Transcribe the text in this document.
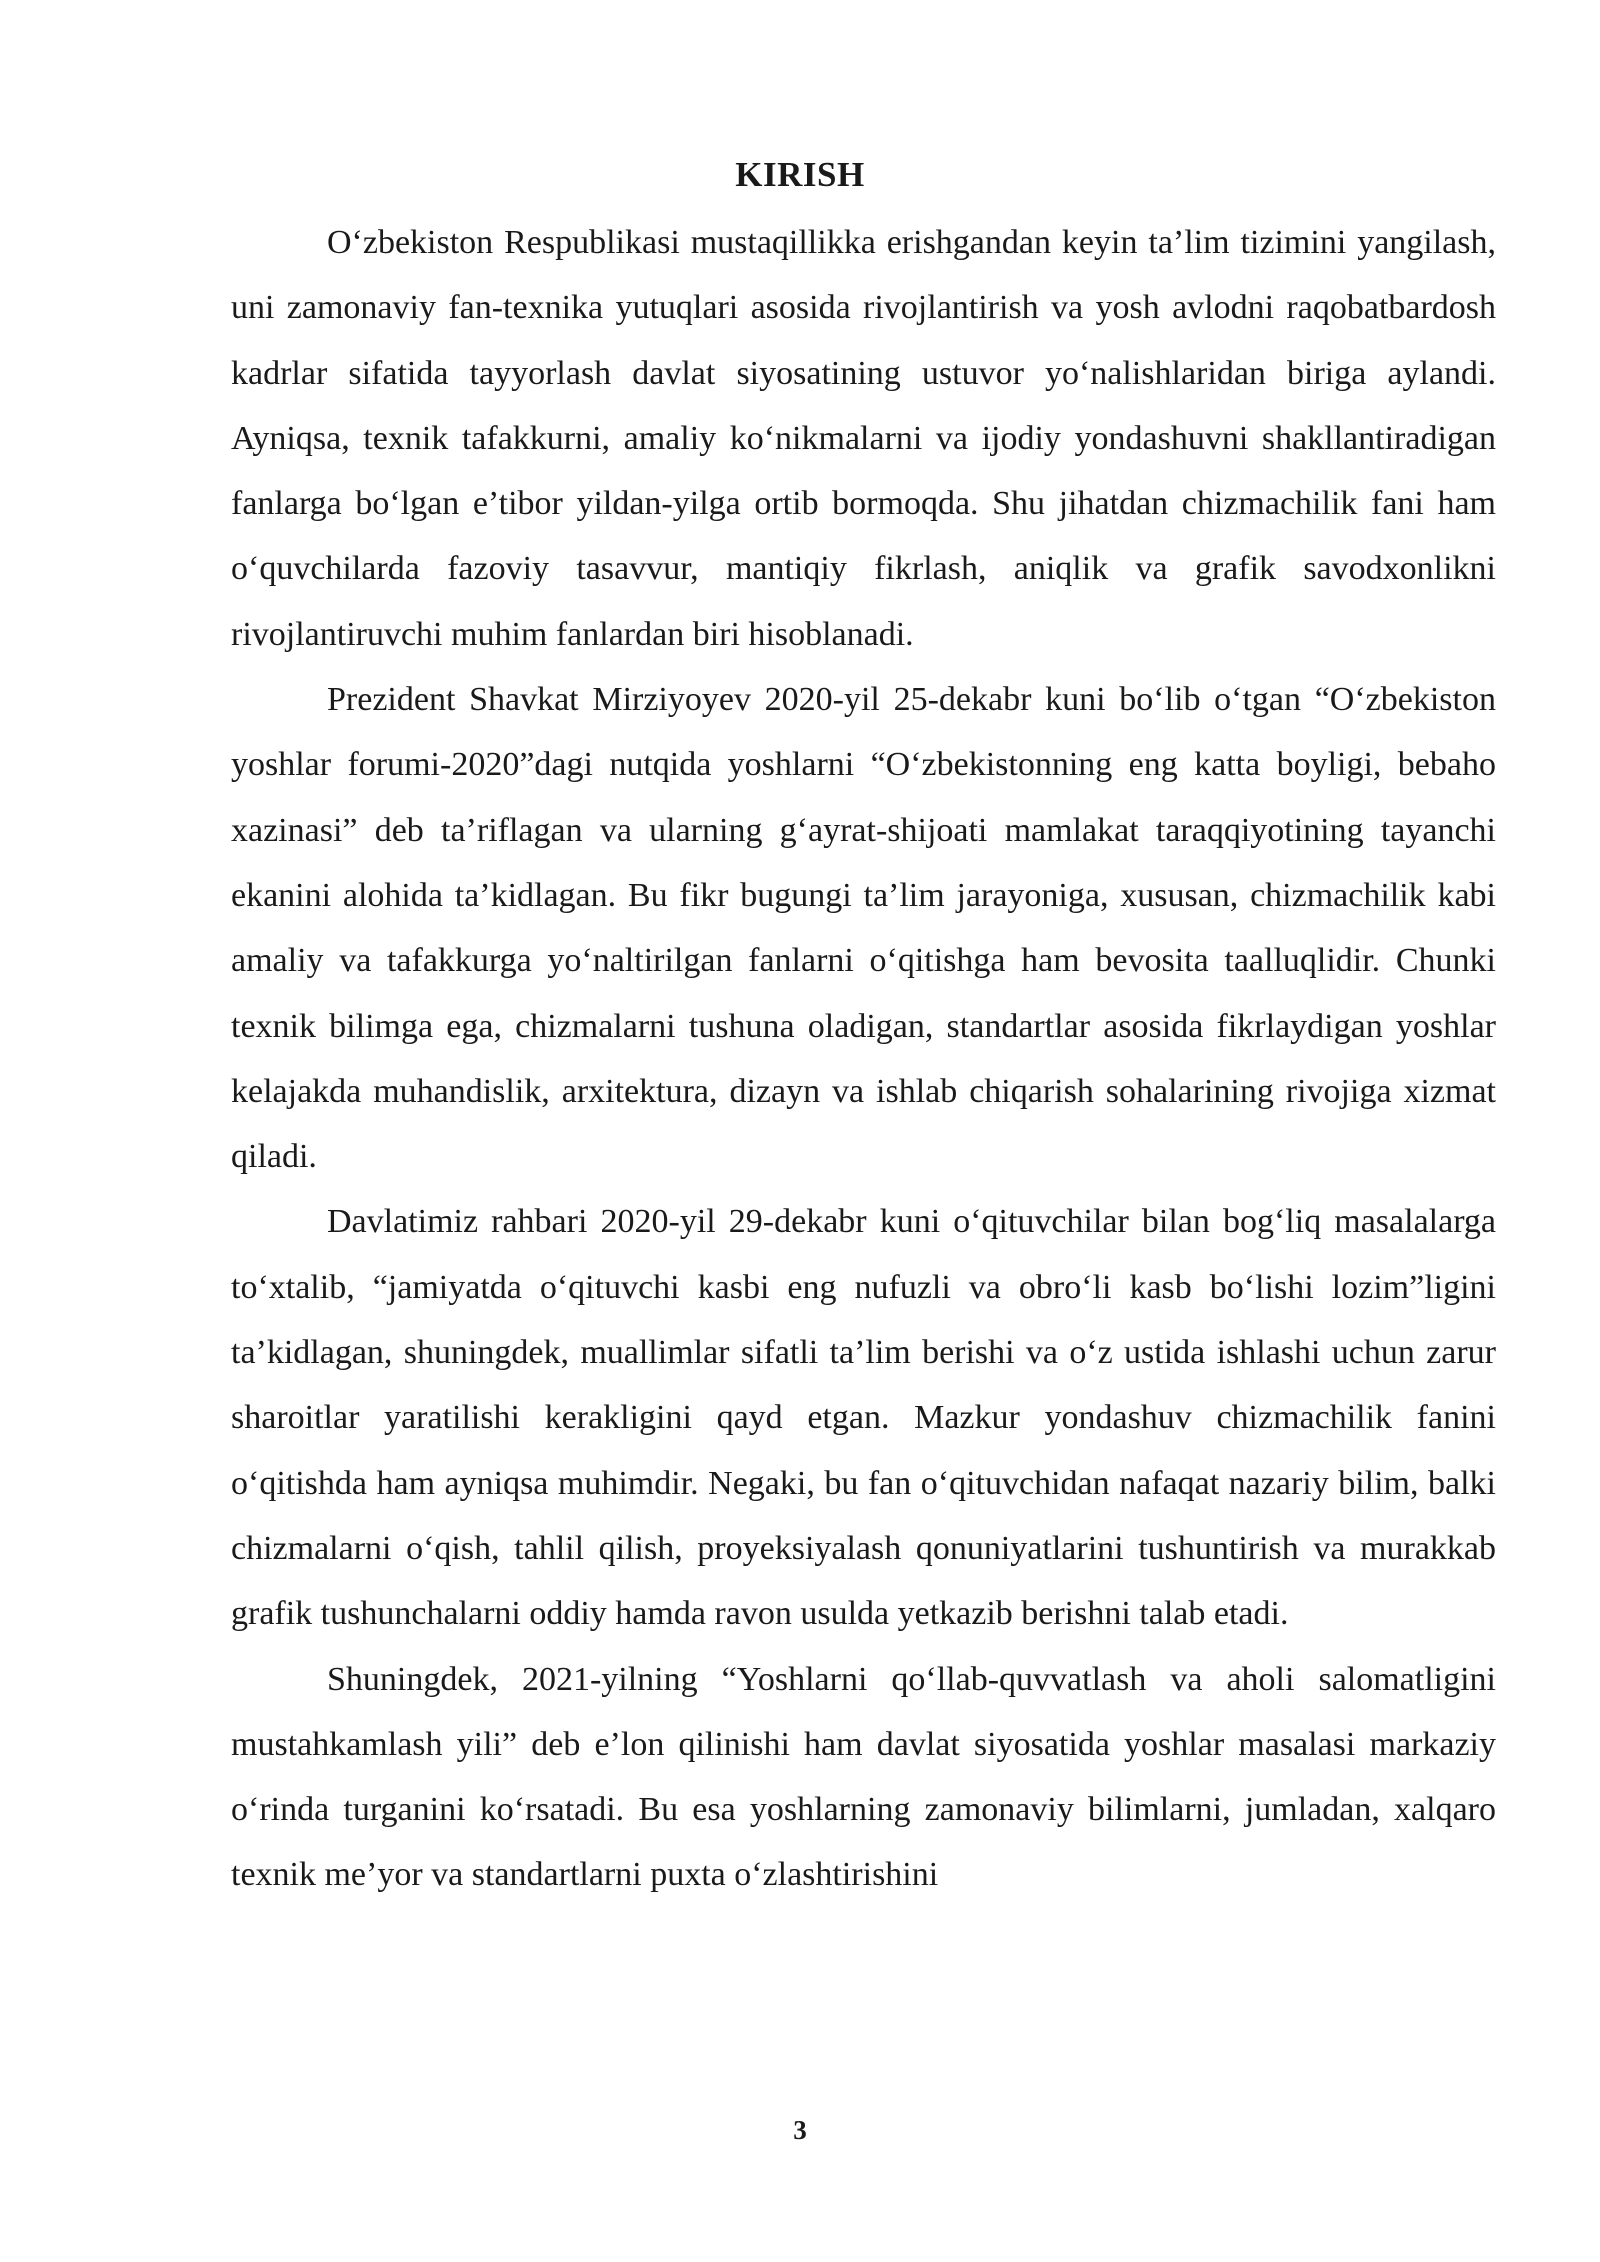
KIRISH

O‘zbekiston Respublikasi mustaqillikka erishgandan keyin ta’lim tizimini yangilash, uni zamonaviy fan-texnika yutuqlari asosida rivojlantirish va yosh avlodni raqobatbardosh kadrlar sifatida tayyorlash davlat siyosatining ustuvor yo‘nalishlaridan biriga aylandi. Ayniqsa, texnik tafakkurni, amaliy ko‘nikmalarni va ijodiy yondashuvni shakllantiradigan fanlarga bo‘lgan e’tibor yildan-yilga ortib bormoqda. Shu jihatdan chizmachilik fani ham o‘quvchilarda fazoviy tasavvur, mantiqiy fikrlash, aniqlik va grafik savodxonlikni rivojlantiruvchi muhim fanlardan biri hisoblanadi.

Prezident Shavkat Mirziyoyev 2020-yil 25-dekabr kuni bo‘lib o‘tgan “O‘zbekiston yoshlar forumi-2020”dagi nutqida yoshlarni “O‘zbekistonning eng katta boyligi, bebaho xazinasi” deb ta’riflagan va ularning g‘ayrat-shijoati mamlakat taraqqiyotining tayanchi ekanini alohida ta’kidlagan. Bu fikr bugungi ta’lim jarayoniga, xususan, chizmachilik kabi amaliy va tafakkurga yo‘naltirilgan fanlarni o‘qitishga ham bevosita taalluqlidir. Chunki texnik bilimga ega, chizmalarni tushuna oladigan, standartlar asosida fikrlaydigan yoshlar kelajakda muhandislik, arxitektura, dizayn va ishlab chiqarish sohalarining rivojiga xizmat qiladi.

Davlatimiz rahbari 2020-yil 29-dekabr kuni o‘qituvchilar bilan bog‘liq masalalarga to‘xtalib, “jamiyatda o‘qituvchi kasbi eng nufuzli va obro‘li kasb bo‘lishi lozim”ligini ta’kidlagan, shuningdek, muallimlar sifatli ta’lim berishi va o‘z ustida ishlashi uchun zarur sharoitlar yaratilishi kerakligini qayd etgan. Mazkur yondashuv chizmachilik fanini o‘qitishda ham ayniqsa muhimdir. Negaki, bu fan o‘qituvchidan nafaqat nazariy bilim, balki chizmalarni o‘qish, tahlil qilish, proyeksiyalash qonuniyatlarini tushuntirish va murakkab grafik tushunchalarni oddiy hamda ravon usulda yetkazib berishni talab etadi.

Shuningdek, 2021-yilning “Yoshlarni qo‘llab-quvvatlash va aholi salomatligini mustahkamlash yili” deb e’lon qilinishi ham davlat siyosatida yoshlar masalasi markaziy o‘rinda turganini ko‘rsatadi. Bu esa yoshlarning zamonaviy bilimlarni, jumladan, xalqaro texnik me’yor va standartlarni puxta o‘zlashtirishini

3
